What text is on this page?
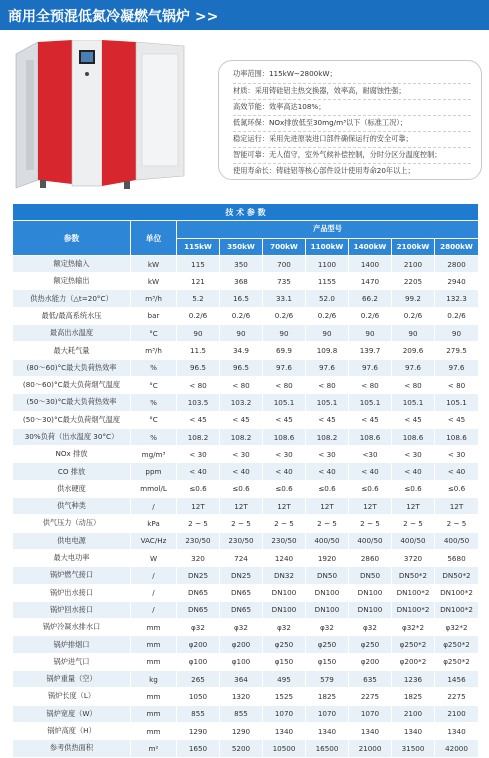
商用全预混低氮冷凝燃气锅炉 >>
功率范围：115kW~2800kW；
材质：采用铸硅铝主热交换器，效率高，耐腐蚀性强；
高效节能：效率高达108%；
低氮环保：NOx排放低至30mg/m³以下（标准工况）；
稳定运行：采用先进原装进口部件确保运行的安全可靠；
智能可靠：无人值守，室外气候补偿控制，分时分区分温度控制；
使用寿命长：铸硅铝等核心部件设计使用寿命20年以上；
技 术 参 数								
参数	单位	产品型号						
		115kW	350kW	700kW	1100kW	1400kW	2100kW	2800kW
额定热输入	kW	115	350	700	1100	1400	2100	2800
额定热输出	kW	121	368	735	1155	1470	2205	2940
供热水能力（△t=20°C）	m³/h	5.2	16.5	33.1	52.0	66.2	99.2	132.3
最低/最高系统水压	bar	0.2/6	0.2/6	0.2/6	0.2/6	0.2/6	0.2/6	0.2/6
最高出水温度	°C	90	90	90	90	90	90	90
最大耗气量	m³/h	11.5	34.9	69.9	109.8	139.7	209.6	279.5
(80～60)°C最大负荷热效率	%	96.5	96.5	97.6	97.6	97.6	97.6	97.6
(80～60)°C最大负荷烟气温度	°C	< 80	< 80	< 80	< 80	< 80	< 80	< 80
(50～30)°C最大负荷热效率	%	103.5	103.2	105.1	105.1	105.1	105.1	105.1
(50～30)°C最大负荷烟气温度	°C	< 45	< 45	< 45	< 45	< 45	< 45	< 45
30%负荷（出水温度 30°C）	%	108.2	108.2	108.6	108.2	108.6	108.6	108.6
NOx 排放	mg/m³	< 30	< 30	< 30	< 30	<30	< 30	< 30
CO 排放	ppm	< 40	< 40	< 40	< 40	< 40	< 40	< 40
供水硬度	mmol/L	≤0.6	≤0.6	≤0.6	≤0.6	≤0.6	≤0.6	≤0.6
供气种类	/	12T	12T	12T	12T	12T	12T	12T
供气压力（动压）	kPa	2 ~ 5	2 ~ 5	2 ~ 5	2 ~ 5	2 ~ 5	2 ~ 5	2 ~ 5
供电电源	VAC/Hz	230/50	230/50	230/50	400/50	400/50	400/50	400/50
最大电功率	W	320	724	1240	1920	2860	3720	5680
锅炉燃气接口	/	DN25	DN25	DN32	DN50	DN50	DN50*2	DN50*2
锅炉出水接口	/	DN65	DN65	DN100	DN100	DN100	DN100*2	DN100*2
锅炉回水接口	/	DN65	DN65	DN100	DN100	DN100	DN100*2	DN100*2
锅炉冷凝水排水口	mm	φ32	φ32	φ32	φ32	φ32	φ32*2	φ32*2
锅炉排烟口	mm	φ200	φ200	φ250	φ250	φ250	φ250*2	φ250*2
锅炉进气口	mm	φ100	φ100	φ150	φ150	φ200	φ200*2	φ250*2
锅炉重量（空）	kg	265	364	495	579	635	1236	1456
锅炉长度（L）	mm	1050	1320	1525	1825	2275	1825	2275
锅炉宽度（W）	mm	855	855	1070	1070	1070	2100	2100
锅炉高度（H）	mm	1290	1290	1340	1340	1340	1340	1340
参考供热面积	m²	1650	5200	10500	16500	21000	31500	42000
